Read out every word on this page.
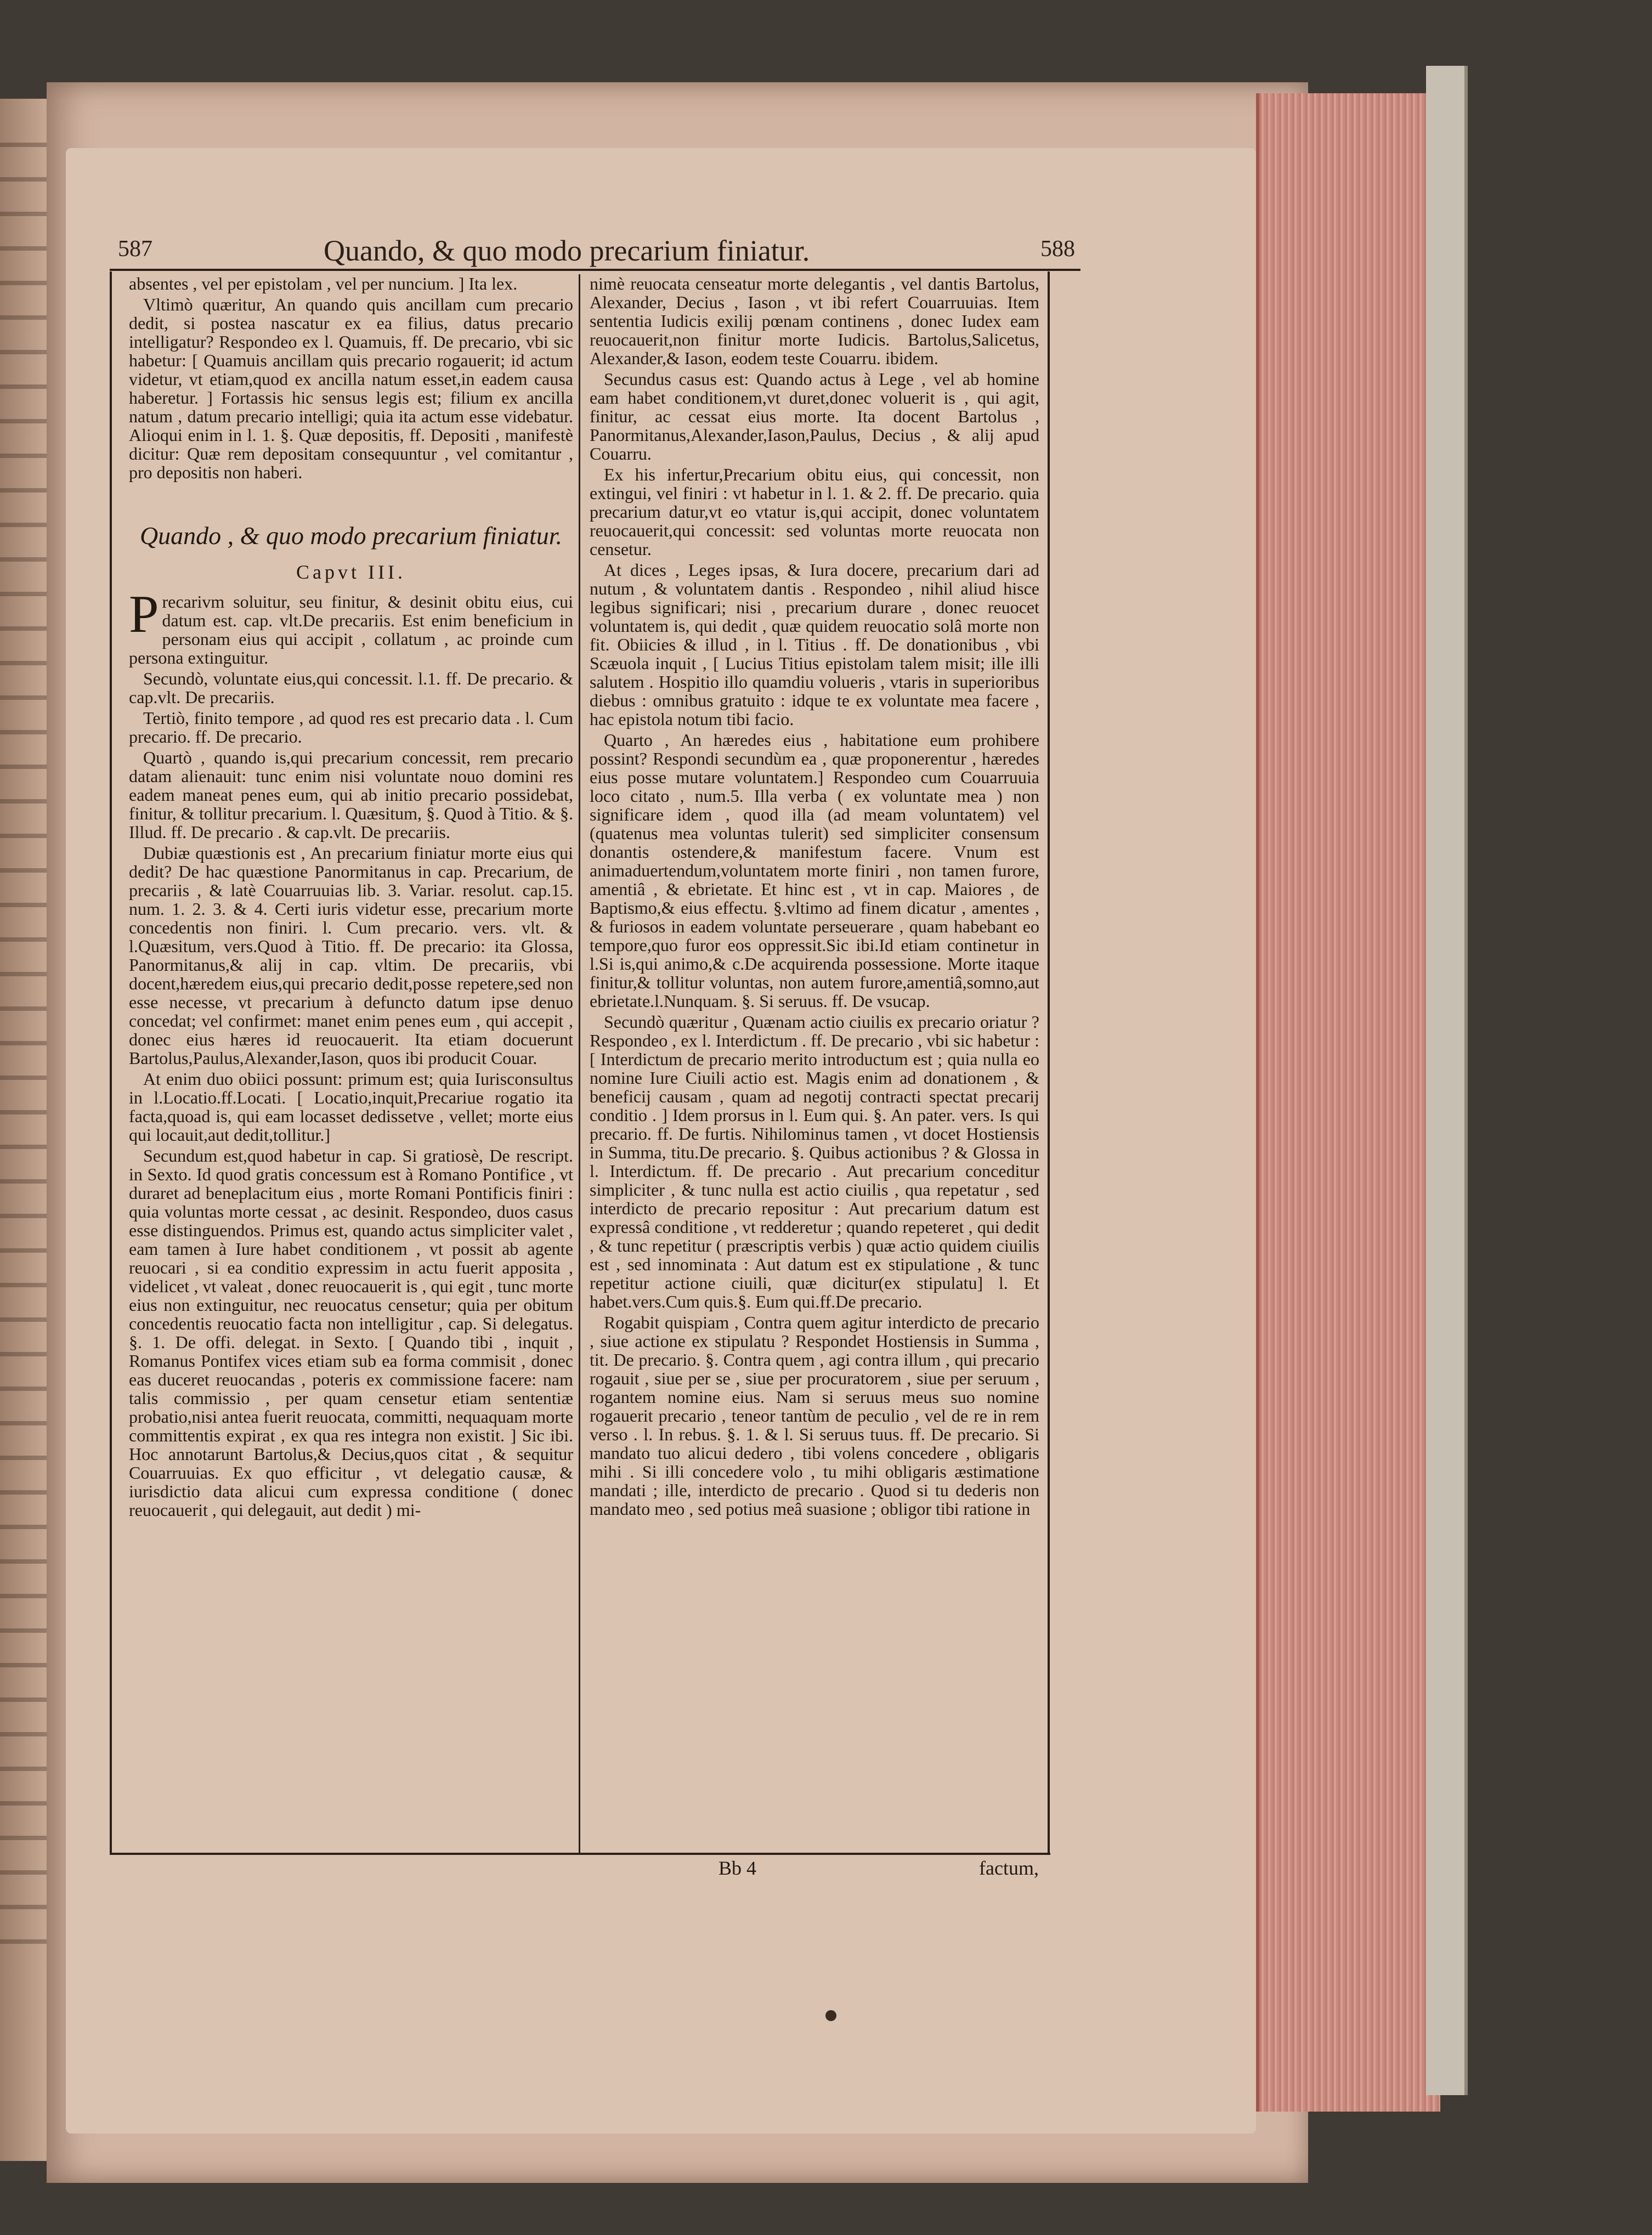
587	Quando, & quo modo precarium finiatur.	588

absentes , vel per epistolam , vel per nuncium. ] Ita lex.

Vltimò quæritur, An quando quis ancillam cum precario dedit, si postea nascatur ex ea filius, datus precario intelligatur? Respondeo ex l. Quamuis, ff. De precario, vbi sic habetur: [ Quamuis ancillam quis precario rogauerit; id actum videtur, vt etiam,quod ex ancilla natum esset,in eadem causa haberetur. ] Fortassis hic sensus legis est; filium ex ancilla natum , datum precario intelligi; quia ita actum esse videbatur. Alioqui enim in l. 1. §. Quæ depositis, ff. Depositi , manifestè dicitur: Quæ rem depositam consequuntur , vel comitantur , pro depositis non haberi.

Quando , & quo modo precarium finiatur.

Capvt III.

Precarivm soluitur, seu finitur, & desinit obitu eius, cui datum est. cap. vlt.De precariis. Est enim beneficium in personam eius qui accipit , collatum , ac proinde cum persona extinguitur.

Secundò, voluntate eius,qui concessit. l.1. ff. De precario. & cap.vlt. De precariis.

Tertiò, finito tempore , ad quod res est precario data . l. Cum precario. ff. De precario.

Quartò , quando is,qui precarium concessit, rem precario datam alienauit: tunc enim nisi voluntate nouo domini res eadem maneat penes eum, qui ab initio precario possidebat, finitur, & tollitur precarium. l. Quæsitum, §. Quod à Titio. & §. Illud. ff. De precario . & cap.vlt. De precariis.

Dubiæ quæstionis est , An precarium finiatur morte eius qui dedit? De hac quæstione Panormitanus in cap. Precarium, de precariis , & latè Couarruuias lib. 3. Variar. resolut. cap.15. num. 1. 2. 3. & 4. Certi iuris videtur esse, precarium morte concedentis non finiri. l. Cum precario. vers. vlt. & l.Quæsitum, vers.Quod à Titio. ff. De precario: ita Glossa, Panormitanus,& alij in cap. vltim. De precariis, vbi docent,hæredem eius,qui precario dedit,posse repetere,sed non esse necesse, vt precarium à defuncto datum ipse denuo concedat; vel confirmet: manet enim penes eum , qui accepit , donec eius hæres id reuocauerit. Ita etiam docuerunt Bartolus,Paulus,Alexander,Iason, quos ibi producit Couar.

At enim duo obiici possunt: primum est; quia Iurisconsultus in l.Locatio.ff.Locati. [ Locatio,inquit,Precariue rogatio ita facta,quoad is, qui eam locasset dedissetve , vellet; morte eius qui locauit,aut dedit,tollitur.]

Secundum est,quod habetur in cap. Si gratiosè, De rescript. in Sexto. Id quod gratis concessum est à Romano Pontifice , vt duraret ad beneplacitum eius , morte Romani Pontificis finiri : quia voluntas morte cessat , ac desinit. Respondeo, duos casus esse distinguendos. Primus est, quando actus simpliciter valet , eam tamen à Iure habet conditionem , vt possit ab agente reuocari , si ea conditio expressim in actu fuerit apposita , videlicet , vt valeat , donec reuocauerit is , qui egit , tunc morte eius non extinguitur, nec reuocatus censetur; quia per obitum concedentis reuocatio facta non intelligitur , cap. Si delegatus. §. 1. De offi. delegat. in Sexto. [ Quando tibi , inquit , Romanus Pontifex vices etiam sub ea forma commisit , donec eas duceret reuocandas , poteris ex commissione facere: nam talis commissio , per quam censetur etiam sententiæ probatio,nisi antea fuerit reuocata, committi, nequaquam morte committentis expirat , ex qua res integra non existit. ] Sic ibi. Hoc annotarunt Bartolus,& Decius,quos citat , & sequitur Couarruuias. Ex quo efficitur , vt delegatio causæ, & iurisdictio data alicui cum expressa conditione ( donec reuocauerit , qui delegauit, aut dedit ) mi-

nimè reuocata censeatur morte delegantis , vel dantis Bartolus, Alexander, Decius , Iason , vt ibi refert Couarruuias. Item sententia Iudicis exilij pœnam continens , donec Iudex eam reuocauerit,non finitur morte Iudicis. Bartolus,Salicetus, Alexander,& Iason, eodem teste Couarru. ibidem.

Secundus casus est: Quando actus à Lege , vel ab homine eam habet conditionem,vt duret,donec voluerit is , qui agit, finitur, ac cessat eius morte. Ita docent Bartolus , Panormitanus,Alexander,Iason,Paulus, Decius , & alij apud Couarru.

Ex his infertur,Precarium obitu eius, qui concessit, non extingui, vel finiri : vt habetur in l. 1. & 2. ff. De precario. quia precarium datur,vt eo vtatur is,qui accipit, donec voluntatem reuocauerit,qui concessit: sed voluntas morte reuocata non censetur.

At dices , Leges ipsas, & Iura docere, precarium dari ad nutum , & voluntatem dantis . Respondeo , nihil aliud hisce legibus significari; nisi , precarium durare , donec reuocet voluntatem is, qui dedit , quæ quidem reuocatio solâ morte non fit. Obiicies & illud , in l. Titius . ff. De donationibus , vbi Scæuola inquit , [ Lucius Titius epistolam talem misit; ille illi salutem . Hospitio illo quamdiu volueris , vtaris in superioribus diebus : omnibus gratuito : idque te ex voluntate mea facere , hac epistola notum tibi facio.

Quarto , An hæredes eius , habitatione eum prohibere possint? Respondi secundùm ea , quæ proponerentur , hæredes eius posse mutare voluntatem.] Respondeo cum Couarruuia loco citato , num.5. Illa verba ( ex voluntate mea ) non significare idem , quod illa (ad meam voluntatem) vel (quatenus mea voluntas tulerit) sed simpliciter consensum donantis ostendere,& manifestum facere. Vnum est animaduertendum,voluntatem morte finiri , non tamen furore, amentiâ , & ebrietate. Et hinc est , vt in cap. Maiores , de Baptismo,& eius effectu. §.vltimo ad finem dicatur , amentes , & furiosos in eadem voluntate perseuerare , quam habebant eo tempore,quo furor eos oppressit.Sic ibi.Id etiam continetur in l.Si is,qui animo,& c.De acquirenda possessione. Morte itaque finitur,& tollitur voluntas, non autem furore,amentiâ,somno,aut ebrietate.l.Nunquam. §. Si seruus. ff. De vsucap.

Secundò quæritur , Quænam actio ciuilis ex precario oriatur ? Respondeo , ex l. Interdictum . ff. De precario , vbi sic habetur : [ Interdictum de precario merito introductum est ; quia nulla eo nomine Iure Ciuili actio est. Magis enim ad donationem , & beneficij causam , quam ad negotij contracti spectat precarij conditio . ] Idem prorsus in l. Eum qui. §. An pater. vers. Is qui precario. ff. De furtis. Nihilominus tamen , vt docet Hostiensis in Summa, titu.De precario. §. Quibus actionibus ? & Glossa in l. Interdictum. ff. De precario . Aut precarium conceditur simpliciter , & tunc nulla est actio ciuilis , qua repetatur , sed interdicto de precario repositur : Aut precarium datum est expressâ conditione , vt redderetur ; quando repeteret , qui dedit , & tunc repetitur ( præscriptis verbis ) quæ actio quidem ciuilis est , sed innominata : Aut datum est ex stipulatione , & tunc repetitur actione ciuili, quæ dicitur(ex stipulatu] l. Et habet.vers.Cum quis.§. Eum qui.ff.De precario.

Rogabit quispiam , Contra quem agitur interdicto de precario , siue actione ex stipulatu ? Respondet Hostiensis in Summa , tit. De precario. §. Contra quem , agi contra illum , qui precario rogauit , siue per se , siue per procuratorem , siue per seruum , rogantem nomine eius. Nam si seruus meus suo nomine rogauerit precario , teneor tantùm de peculio , vel de re in rem verso . l. In rebus. §. 1. & l. Si seruus tuus. ff. De precario. Si mandato tuo alicui dedero , tibi volens concedere , obligaris mihi . Si illi concedere volo , tu mihi obligaris æstimatione mandati ; ille, interdicto de precario . Quod si tu dederis non mandato meo , sed potius meâ suasione ; obligor tibi ratione in

Bb 4	factum,
